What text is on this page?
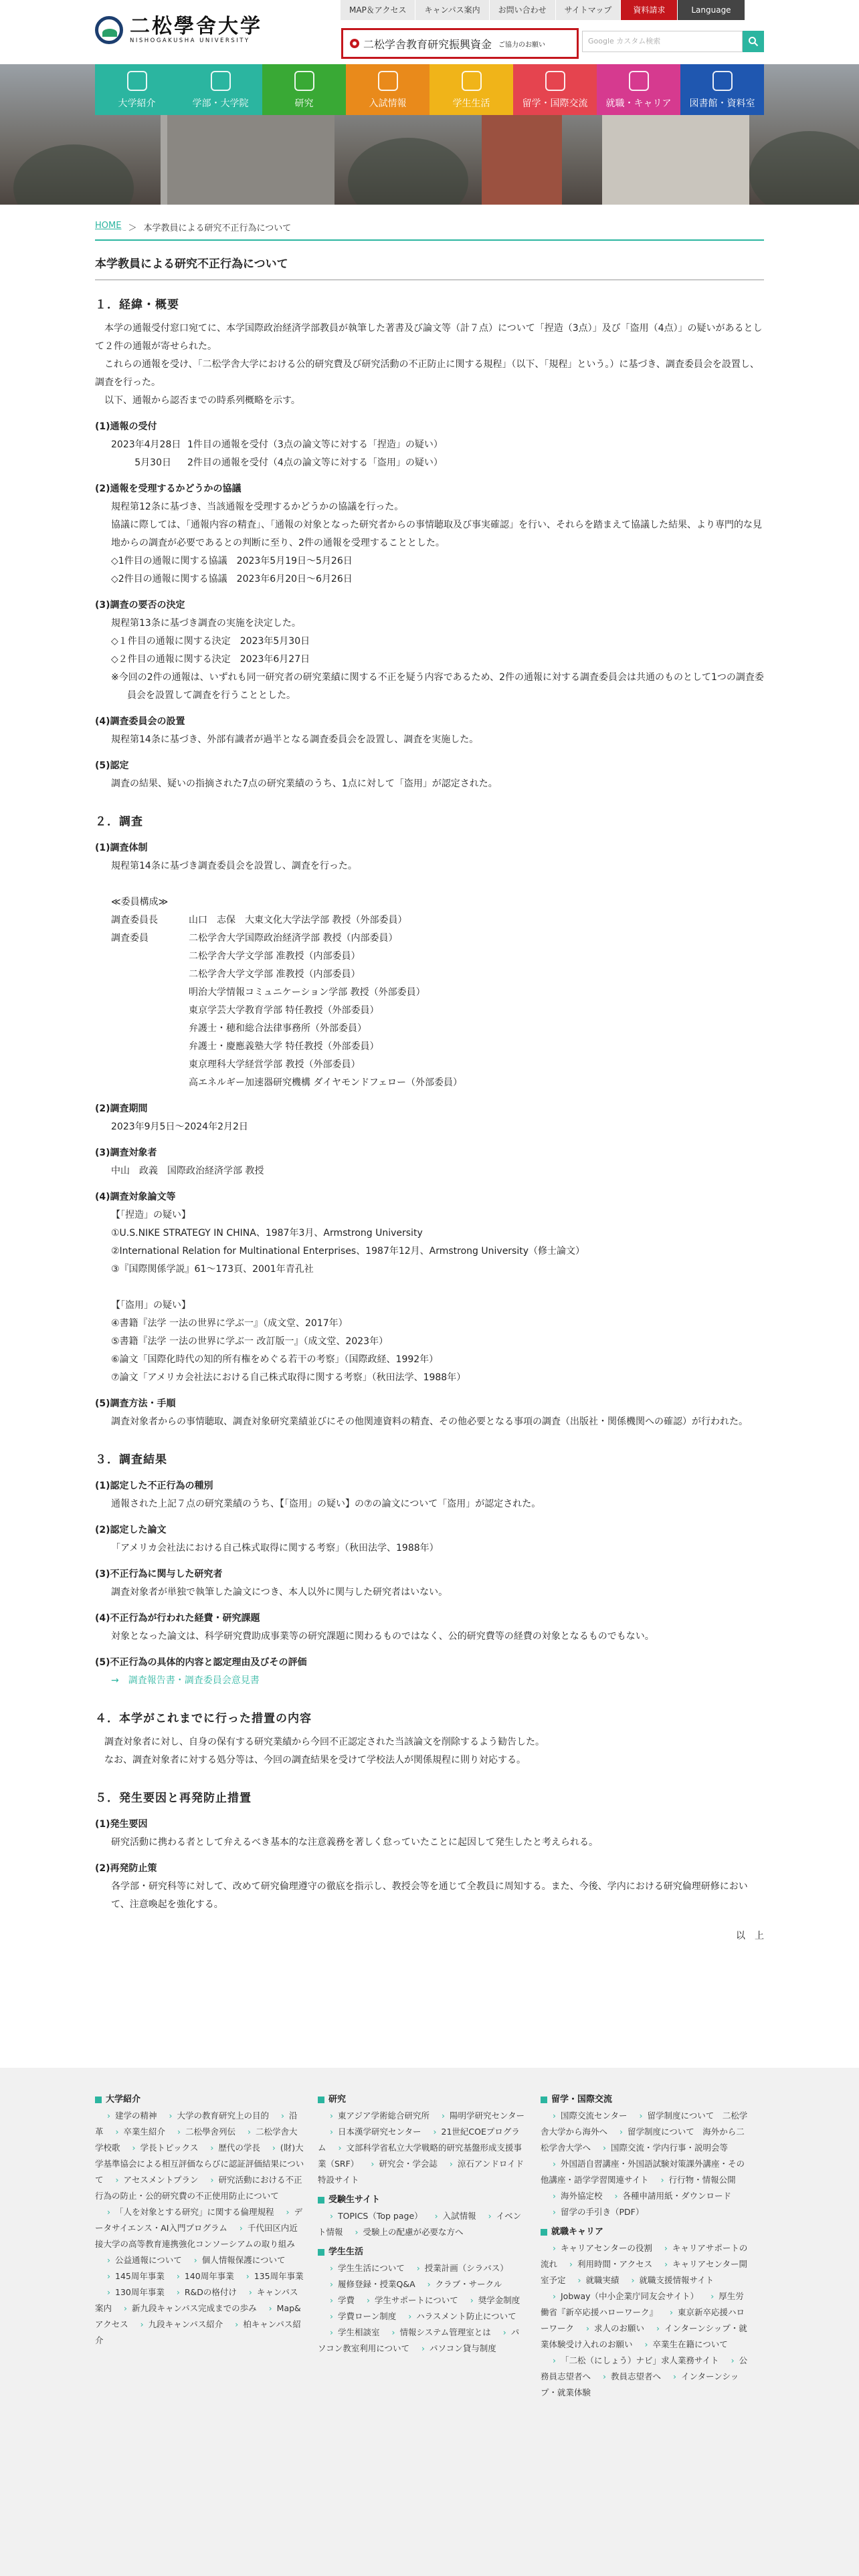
二松學舍大学
NISHOGAKUSHA UNIVERSITY
MAP＆アクセス	キャンパス案内	お問い合わせ	サイトマップ	資料請求	Language
二松学舎教育研究振興資金 ご協力のお願い	Google カスタム検索
大学紹介	学部・大学院	研究	入試情報	学生生活	留学・国際交流 就職・キャリア 図書館・資料室
HOME ＞ 本学教員による研究不正行為について
本学教員による研究不正行為について
１．経緯・概要
本学の通報受付窓口宛てに、本学国際政治経済学部教員が執筆した著書及び論文等（計７点）について「捏造（3点）」及び「盗用（4点）」の疑いがあるとして２件の通報が寄せられた。
これらの通報を受け、「二松学舎大学における公的研究費及び研究活動の不正防止に関する規程」（以下、「規程」という。）に基づき、調査委員会を設置し、調査を行った。
以下、通報から認否までの時系列概略を示す。
(1)通報の受付
2023年4月28日 1件目の通報を受付（3点の論文等に対する「捏造」の疑い）
5月30日	2件目の通報を受付（4点の論文等に対する「盗用」の疑い）
(2)通報を受理するかどうかの協議
規程第12条に基づき、当該通報を受理するかどうかの協議を行った。
協議に際しては、「通報内容の精査」、「通報の対象となった研究者からの事情聴取及び事実確認」を行い、それらを踏まえて協議した結果、より専門的な見地からの調査が必要であるとの判断に至り、2件の通報を受理することとした。
◇1件目の通報に関する協議　2023年5月19日〜5月26日
◇2件目の通報に関する協議　2023年6月20日〜6月26日
(3)調査の要否の決定
規程第13条に基づき調査の実施を決定した。
◇１件目の通報に関する決定　2023年5月30日
◇２件目の通報に関する決定　2023年6月27日
※今回の2件の通報は、いずれも同一研究者の研究業績に関する不正を疑う内容であるため、2件の通報に対する調査委員会は共通のものとして1つの調査委員会を設置して調査を行うこととした。
(4)調査委員会の設置
規程第14条に基づき、外部有識者が過半となる調査委員会を設置し、調査を実施した。
(5)認定
調査の結果、疑いの指摘された7点の研究業績のうち、1点に対して「盗用」が認定された。
２．調査
(1)調査体制
規程第14条に基づき調査委員会を設置し、調査を行った。
≪委員構成≫
調査委員長	山口　志保　大東文化大学法学部 教授（外部委員）
調査委員	二松学舎大学国際政治経済学部 教授（内部委員）
二松学舎大学文学部 准教授（内部委員）
二松学舎大学文学部 准教授（内部委員）
明治大学情報コミュニケーション学部 教授（外部委員）
東京学芸大学教育学部 特任教授（外部委員）
弁護士・穂和総合法律事務所（外部委員）
弁護士・慶應義塾大学 特任教授（外部委員）
東京理科大学経営学部 教授（外部委員）
高エネルギー加速器研究機構 ダイヤモンドフェロー（外部委員）
(2)調査期間
2023年9月5日〜2024年2月2日
(3)調査対象者
中山　政義　国際政治経済学部 教授
(4)調査対象論文等
【「捏造」の疑い】
①U.S.NIKE STRATEGY IN CHINA、1987年3月、Armstrong University
②International Relation for Multinational Enterprises、1987年12月、Armstrong University（修士論文）
③『国際関係学説』61〜173頁、2001年青孔社
【「盗用」の疑い】
④書籍『法学 一法の世界に学ぶ一』（成文堂、2017年）
⑤書籍『法学 一法の世界に学ぶ一 改訂版一』（成文堂、2023年）
⑥論文「国際化時代の知的所有権をめぐる若干の考察」（国際政経、1992年）
⑦論文「アメリカ会社法における自己株式取得に関する考察」（秋田法学、1988年）
(5)調査方法・手順
調査対象者からの事情聴取、調査対象研究業績並びにその他関連資料の精査、その他必要となる事項の調査（出版社・関係機関への確認）が行われた。
３．調査結果
(1)認定した不正行為の種別
通報された上記７点の研究業績のうち、【「盗用」の疑い】の⑦の論文について「盗用」が認定された。
(2)認定した論文
「アメリカ会社法における自己株式取得に関する考察」（秋田法学、1988年）
(3)不正行為に関与した研究者
調査対象者が単独で執筆した論文につき、本人以外に関与した研究者はいない。
(4)不正行為が行われた経費・研究課題
対象となった論文は、科学研究費助成事業等の研究課題に関わるものではなく、公的研究費等の経費の対象となるものでもない。
(5)不正行為の具体的内容と認定理由及びその評価
→　調査報告書・調査委員会意見書
４．本学がこれまでに行った措置の内容
調査対象者に対し、自身の保有する研究業績から今回不正認定された当該論文を削除するよう勧告した。
なお、調査対象者に対する処分等は、今回の調査結果を受けて学校法人が関係規程に則り対応する。
５．発生要因と再発防止措置
(1)発生要因
研究活動に携わる者として弁えるべき基本的な注意義務を著しく怠っていたことに起因して発生したと考えられる。
(2)再発防止策
各学部・研究科等に対して、改めて研究倫理遵守の徹底を指示し、教授会等を通じて全教員に周知する。また、今後、学内における研究倫理研修において、注意喚起を強化する。
以　上
大学紹介
› 建学の精神 › 大学の教育研究上の目的 › 沿革 › 卒業生紹介 › 二松學舍列伝 › 二松学舎大学校歌 › 学長トピックス › 歴代の学長 › (財)大学基準協会による相互評価ならびに認証評価結果について › アセスメントプラン › 研究活動における不正行為の防止・公的研究費の不正使用防止について› 「人を対象とする研究」に関する倫理規程 › データサイエンス・AI入門プログラム › 千代田区内近接大学の高等教育連携強化コンソーシアムの取り組み› 公益通報について › 個人情報保護について› 145周年事業 › 140周年事業 › 135周年事業› 130周年事業 › R&Dの格付け › キャンパス案内 › 新九段キャンパス完成までの歩み › Map&アクセス › 九段キャンパス紹介 › 柏キャンパス紹介
研究
› 東アジア学術総合研究所 › 陽明学研究センター› 日本漢学研究センター › 21世紀COEプログラム › 文部科学省私立大学戦略的研究基盤形成支援事業（SRF） › 研究会・学会誌 › 涼石アンドロイド特設サイト
受験生サイト
› TOPICS（Top page） › 入試情報 › イベント情報 › 受験上の配慮が必要な方へ
学生生活
› 学生生活について › 授業計画（シラバス）› 履修登録・授業Q&A › クラブ・サークル› 学費 › 学生サポートについて › 奨学金制度› 学費ローン制度 › ハラスメント防止について› 学生相談室 › 情報システム管理室とは › パソコン教室利用について › パソコン貸与制度
留学・国際交流
› 国際交流センター › 留学制度について　二松学舎大学から海外へ › 留学制度について　海外から二松学舎大学へ › 国際交流・学内行事・説明会等› 外国語自習講座・外国語試験対策課外講座・その他講座・語学学習関連サイト › 行行物・情報公開› 海外協定校 › 各種申請用紙・ダウンロード› 留学の手引き（PDF）
就職キャリア
› キャリアセンターの役割 › キャリアサポートの流れ › 利用時間・アクセス › キャリアセンター開室予定 › 就職実績 › 就職支援情報サイト› Jobway（中小企業庁同友会サイト） › 厚生労働省『新卒応援ハローワーク』 › 東京新卒応援ハローワーク › 求人のお願い › インターンシップ・就業体験受け入れのお願い › 卒業生在籍について› 「二松（にしょう）ナビ」求人業務サイト › 公務員志望者へ › 教員志望者へ › インターンシップ・就業体験
